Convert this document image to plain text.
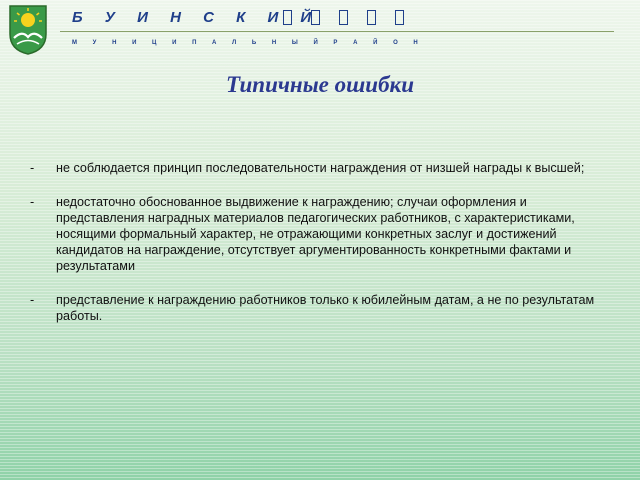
Б У И Н С К И Й
М У Н И Ц И П А Л Ь Н Ы Й Р А Й О Н
Типичные ошибки
- не соблюдается принцип последовательности награждения от низшей награды к высшей;
- недостаточно обоснованное выдвижение к награждению; случаи оформления и представления наградных материалов педагогических работников, с характеристиками, носящими формальный характер, не отражающими конкретных заслуг и достижений кандидатов на награждение, отсутствует аргументированность конкретными фактами и результатами
- представление к награждению работников только к юбилейным датам, а не по результатам работы.
